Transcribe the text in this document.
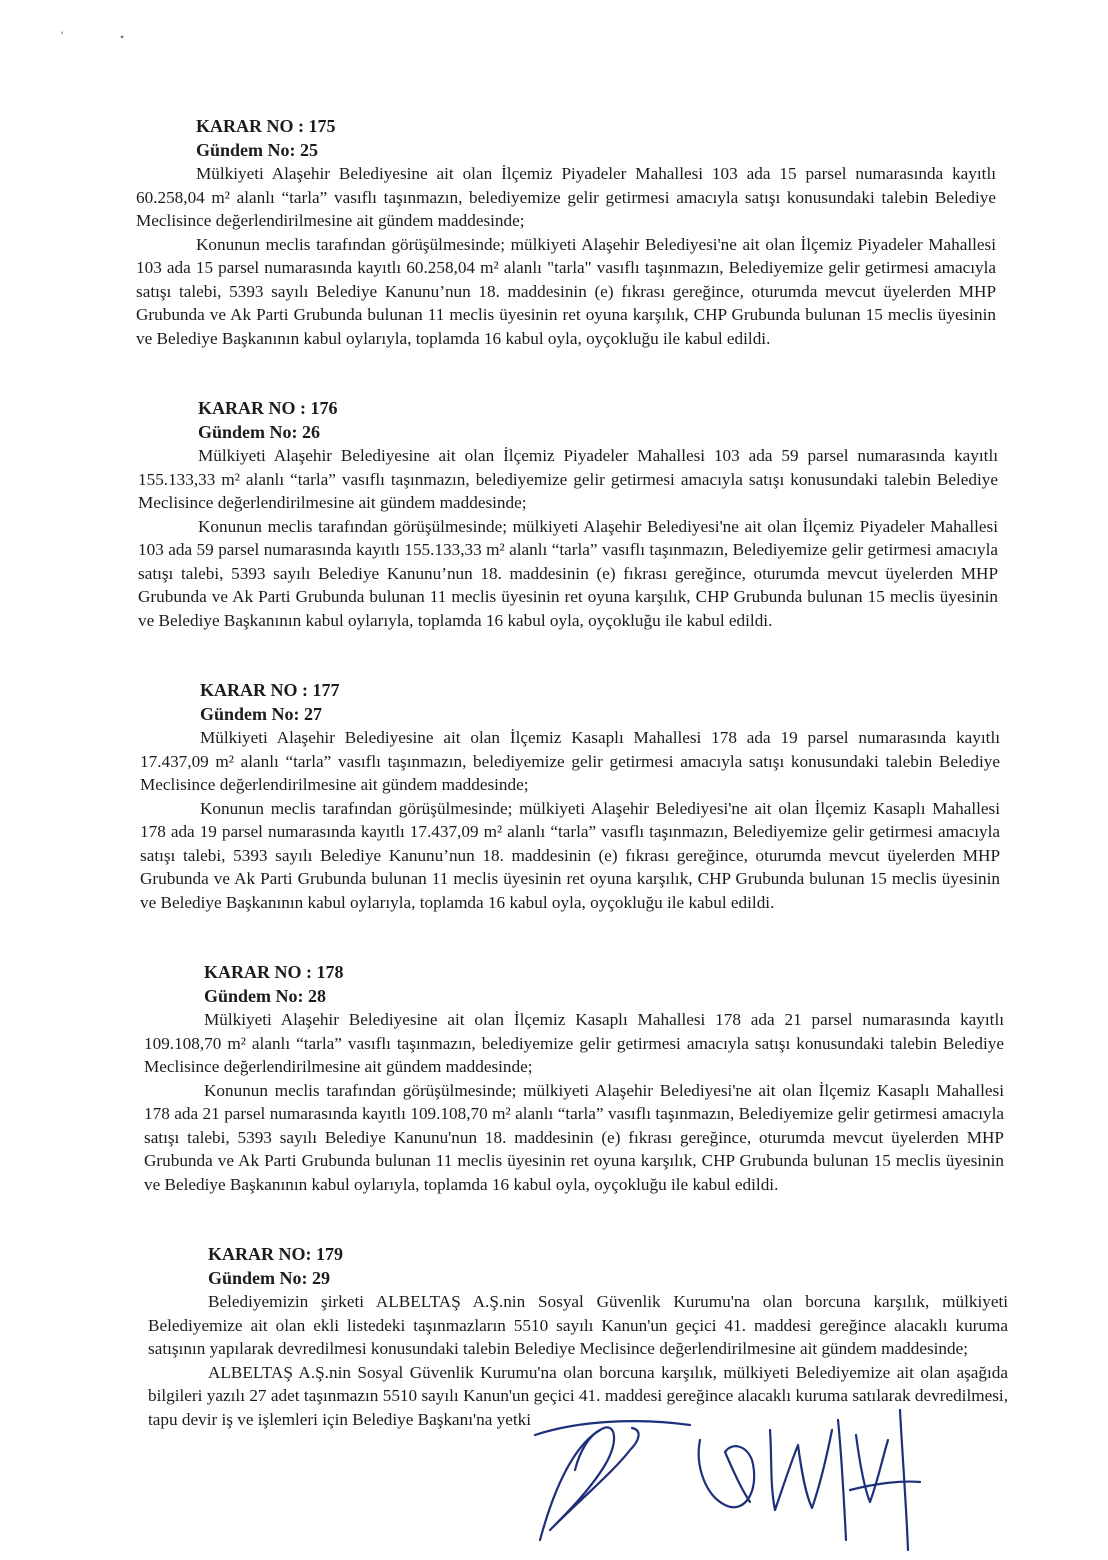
’	•

KARAR NO : 175

Gündem No: 25

Mülkiyeti Alaşehir Belediyesine ait olan İlçemiz Piyadeler Mahallesi 103 ada 15 parsel numarasında kayıtlı 60.258,04 m² alanlı “tarla” vasıflı taşınmazın, belediyemize gelir getirmesi amacıyla satışı konusundaki talebin Belediye Meclisince değerlendirilmesine ait gündem maddesinde;

Konunun meclis tarafından görüşülmesinde; mülkiyeti Alaşehir Belediyesi'ne ait olan İlçemiz Piyadeler Mahallesi 103 ada 15 parsel numarasında kayıtlı 60.258,04 m² alanlı "tarla" vasıflı taşınmazın, Belediyemize gelir getirmesi amacıyla satışı talebi, 5393 sayılı Belediye Kanunu’nun 18. maddesinin (e) fıkrası gereğince, oturumda mevcut üyelerden MHP Grubunda ve Ak Parti Grubunda bulunan 11 meclis üyesinin ret oyuna karşılık, CHP Grubunda bulunan 15 meclis üyesinin ve Belediye Başkanının kabul oylarıyla, toplamda 16 kabul oyla, oyçokluğu ile kabul edildi.

KARAR NO : 176

Gündem No: 26

Mülkiyeti Alaşehir Belediyesine ait olan İlçemiz Piyadeler Mahallesi 103 ada 59 parsel numarasında kayıtlı 155.133,33 m² alanlı “tarla” vasıflı taşınmazın, belediyemize gelir getirmesi amacıyla satışı konusundaki talebin Belediye Meclisince değerlendirilmesine ait gündem maddesinde;

Konunun meclis tarafından görüşülmesinde; mülkiyeti Alaşehir Belediyesi'ne ait olan İlçemiz Piyadeler Mahallesi 103 ada 59 parsel numarasında kayıtlı 155.133,33 m² alanlı “tarla” vasıflı taşınmazın, Belediyemize gelir getirmesi amacıyla satışı talebi, 5393 sayılı Belediye Kanunu’nun 18. maddesinin (e) fıkrası gereğince, oturumda mevcut üyelerden MHP Grubunda ve Ak Parti Grubunda bulunan 11 meclis üyesinin ret oyuna karşılık, CHP Grubunda bulunan 15 meclis üyesinin ve Belediye Başkanının kabul oylarıyla, toplamda 16 kabul oyla, oyçokluğu ile kabul edildi.

KARAR NO : 177

Gündem No: 27

Mülkiyeti Alaşehir Belediyesine ait olan İlçemiz Kasaplı Mahallesi 178 ada 19 parsel numarasında kayıtlı 17.437,09 m² alanlı “tarla” vasıflı taşınmazın, belediyemize gelir getirmesi amacıyla satışı konusundaki talebin Belediye Meclisince değerlendirilmesine ait gündem maddesinde;

Konunun meclis tarafından görüşülmesinde; mülkiyeti Alaşehir Belediyesi'ne ait olan İlçemiz Kasaplı Mahallesi 178 ada 19 parsel numarasında kayıtlı 17.437,09 m² alanlı “tarla” vasıflı taşınmazın, Belediyemize gelir getirmesi amacıyla satışı talebi, 5393 sayılı Belediye Kanunu’nun 18. maddesinin (e) fıkrası gereğince, oturumda mevcut üyelerden MHP Grubunda ve Ak Parti Grubunda bulunan 11 meclis üyesinin ret oyuna karşılık, CHP Grubunda bulunan 15 meclis üyesinin ve Belediye Başkanının kabul oylarıyla, toplamda 16 kabul oyla, oyçokluğu ile kabul edildi.

KARAR NO : 178

Gündem No: 28

Mülkiyeti Alaşehir Belediyesine ait olan İlçemiz Kasaplı Mahallesi 178 ada 21 parsel numarasında kayıtlı 109.108,70 m² alanlı “tarla” vasıflı taşınmazın, belediyemize gelir getirmesi amacıyla satışı konusundaki talebin Belediye Meclisince değerlendirilmesine ait gündem maddesinde;

Konunun meclis tarafından görüşülmesinde; mülkiyeti Alaşehir Belediyesi'ne ait olan İlçemiz Kasaplı Mahallesi 178 ada 21 parsel numarasında kayıtlı 109.108,70 m² alanlı “tarla” vasıflı taşınmazın, Belediyemize gelir getirmesi amacıyla satışı talebi, 5393 sayılı Belediye Kanunu'nun 18. maddesinin (e) fıkrası gereğince, oturumda mevcut üyelerden MHP Grubunda ve Ak Parti Grubunda bulunan 11 meclis üyesinin ret oyuna karşılık, CHP Grubunda bulunan 15 meclis üyesinin ve Belediye Başkanının kabul oylarıyla, toplamda 16 kabul oyla, oyçokluğu ile kabul edildi.

KARAR NO: 179

Gündem No: 29

Belediyemizin şirketi ALBELTAŞ A.Ş.nin Sosyal Güvenlik Kurumu'na olan borcuna karşılık, mülkiyeti Belediyemize ait olan ekli listedeki taşınmazların 5510 sayılı Kanun'un geçici 41. maddesi gereğince alacaklı kuruma satışının yapılarak devredilmesi konusundaki talebin Belediye Meclisince değerlendirilmesine ait gündem maddesinde;

ALBELTAŞ A.Ş.nin Sosyal Güvenlik Kurumu'na olan borcuna karşılık, mülkiyeti Belediyemize ait olan aşağıda bilgileri yazılı 27 adet taşınmazın 5510 sayılı Kanun'un geçici 41. maddesi gereğince alacaklı kuruma satılarak devredilmesi, tapu devir iş ve işlemleri için Belediye Başkanı'na yetki
